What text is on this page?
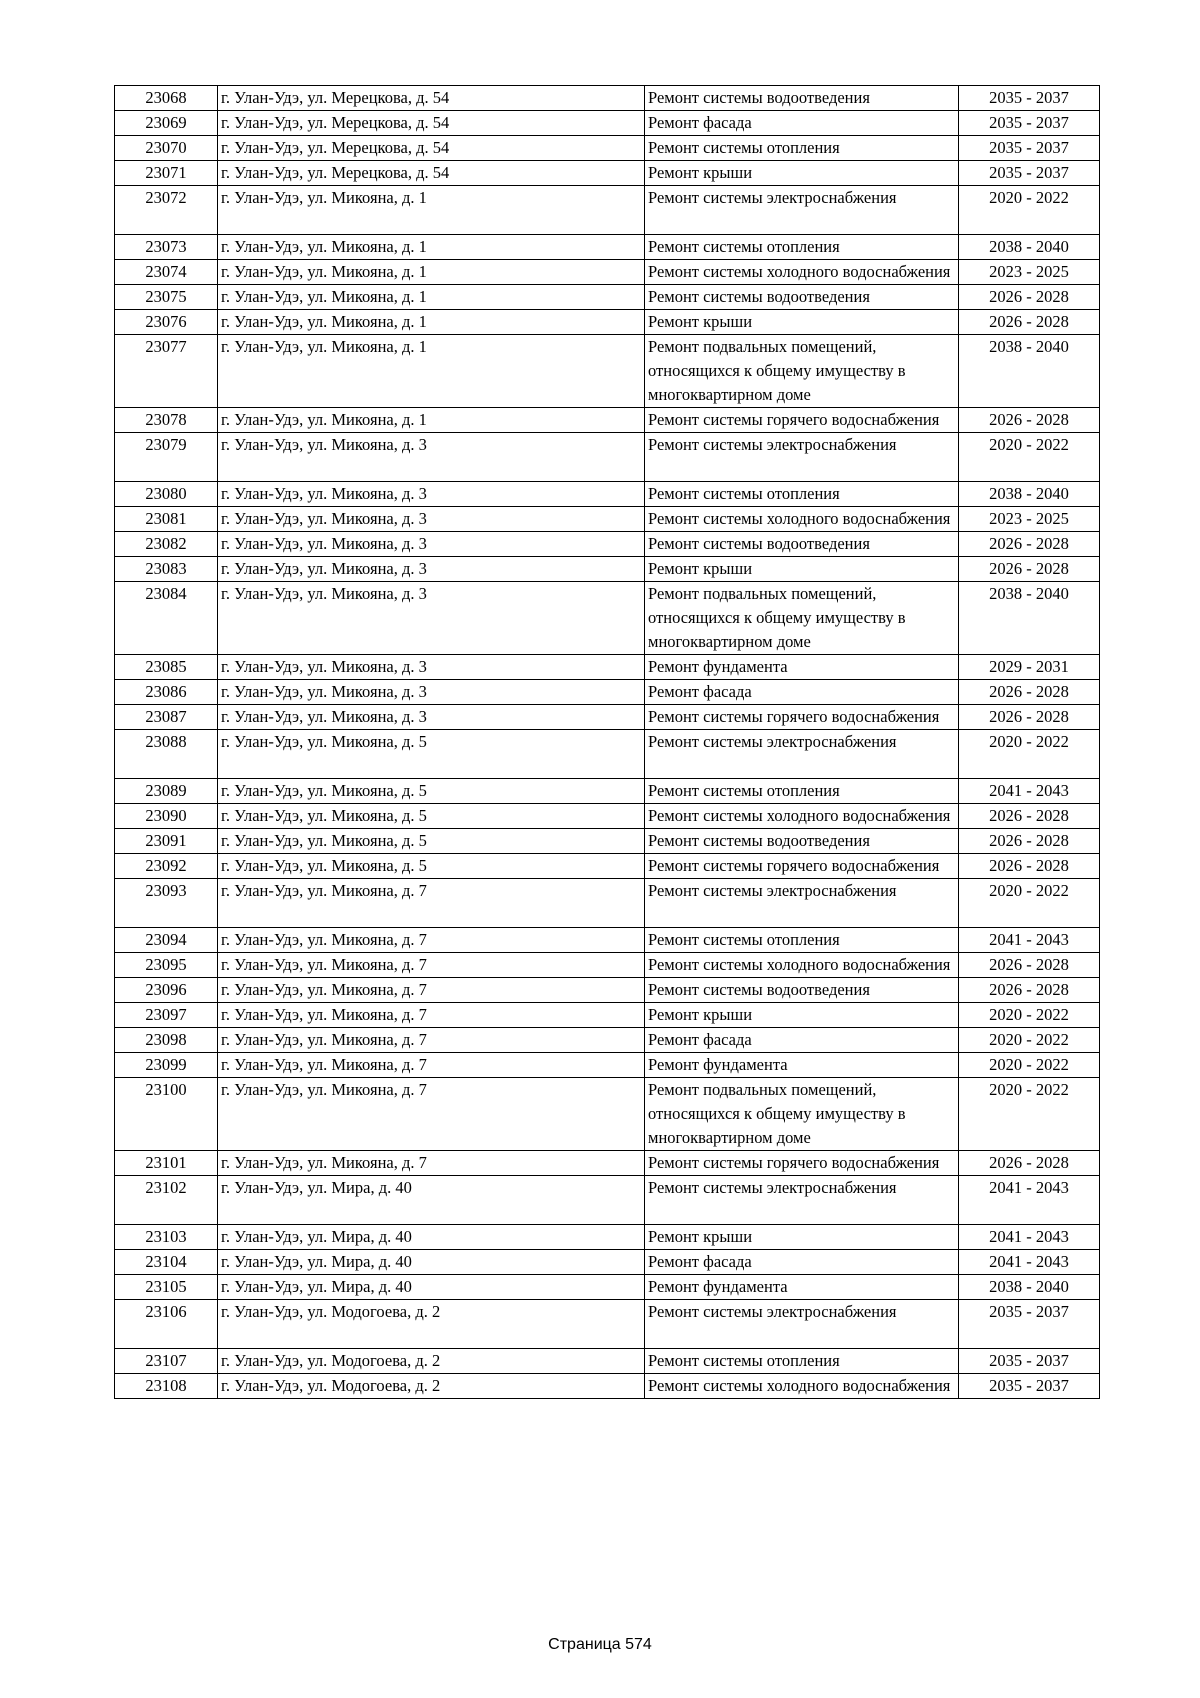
23068	г. Улан-Удэ, ул. Мерецкова, д. 54	Ремонт системы водоотведения	2035 - 2037
23069	г. Улан-Удэ, ул. Мерецкова, д. 54	Ремонт фасада	2035 - 2037
23070	г. Улан-Удэ, ул. Мерецкова, д. 54	Ремонт системы отопления	2035 - 2037
23071	г. Улан-Удэ, ул. Мерецкова, д. 54	Ремонт крыши	2035 - 2037
23072	г. Улан-Удэ, ул. Микояна, д. 1	Ремонт системы электроснабжения	2020 - 2022
23073	г. Улан-Удэ, ул. Микояна, д. 1	Ремонт системы отопления	2038 - 2040
23074	г. Улан-Удэ, ул. Микояна, д. 1	Ремонт системы холодного водоснабжения	2023 - 2025
23075	г. Улан-Удэ, ул. Микояна, д. 1	Ремонт системы водоотведения	2026 - 2028
23076	г. Улан-Удэ, ул. Микояна, д. 1	Ремонт крыши	2026 - 2028
23077	г. Улан-Удэ, ул. Микояна, д. 1	Ремонт подвальных помещений, относящихся к общему имуществу в многоквартирном доме	2038 - 2040
23078	г. Улан-Удэ, ул. Микояна, д. 1	Ремонт системы горячего водоснабжения	2026 - 2028
23079	г. Улан-Удэ, ул. Микояна, д. 3	Ремонт системы электроснабжения	2020 - 2022
23080	г. Улан-Удэ, ул. Микояна, д. 3	Ремонт системы отопления	2038 - 2040
23081	г. Улан-Удэ, ул. Микояна, д. 3	Ремонт системы холодного водоснабжения	2023 - 2025
23082	г. Улан-Удэ, ул. Микояна, д. 3	Ремонт системы водоотведения	2026 - 2028
23083	г. Улан-Удэ, ул. Микояна, д. 3	Ремонт крыши	2026 - 2028
23084	г. Улан-Удэ, ул. Микояна, д. 3	Ремонт подвальных помещений, относящихся к общему имуществу в многоквартирном доме	2038 - 2040
23085	г. Улан-Удэ, ул. Микояна, д. 3	Ремонт фундамента	2029 - 2031
23086	г. Улан-Удэ, ул. Микояна, д. 3	Ремонт фасада	2026 - 2028
23087	г. Улан-Удэ, ул. Микояна, д. 3	Ремонт системы горячего водоснабжения	2026 - 2028
23088	г. Улан-Удэ, ул. Микояна, д. 5	Ремонт системы электроснабжения	2020 - 2022
23089	г. Улан-Удэ, ул. Микояна, д. 5	Ремонт системы отопления	2041 - 2043
23090	г. Улан-Удэ, ул. Микояна, д. 5	Ремонт системы холодного водоснабжения	2026 - 2028
23091	г. Улан-Удэ, ул. Микояна, д. 5	Ремонт системы водоотведения	2026 - 2028
23092	г. Улан-Удэ, ул. Микояна, д. 5	Ремонт системы горячего водоснабжения	2026 - 2028
23093	г. Улан-Удэ, ул. Микояна, д. 7	Ремонт системы электроснабжения	2020 - 2022
23094	г. Улан-Удэ, ул. Микояна, д. 7	Ремонт системы отопления	2041 - 2043
23095	г. Улан-Удэ, ул. Микояна, д. 7	Ремонт системы холодного водоснабжения	2026 - 2028
23096	г. Улан-Удэ, ул. Микояна, д. 7	Ремонт системы водоотведения	2026 - 2028
23097	г. Улан-Удэ, ул. Микояна, д. 7	Ремонт крыши	2020 - 2022
23098	г. Улан-Удэ, ул. Микояна, д. 7	Ремонт фасада	2020 - 2022
23099	г. Улан-Удэ, ул. Микояна, д. 7	Ремонт фундамента	2020 - 2022
23100	г. Улан-Удэ, ул. Микояна, д. 7	Ремонт подвальных помещений, относящихся к общему имуществу в многоквартирном доме	2020 - 2022
23101	г. Улан-Удэ, ул. Микояна, д. 7	Ремонт системы горячего водоснабжения	2026 - 2028
23102	г. Улан-Удэ, ул. Мира, д. 40	Ремонт системы электроснабжения	2041 - 2043
23103	г. Улан-Удэ, ул. Мира, д. 40	Ремонт крыши	2041 - 2043
23104	г. Улан-Удэ, ул. Мира, д. 40	Ремонт фасада	2041 - 2043
23105	г. Улан-Удэ, ул. Мира, д. 40	Ремонт фундамента	2038 - 2040
23106	г. Улан-Удэ, ул. Модогоева, д. 2	Ремонт системы электроснабжения	2035 - 2037
23107	г. Улан-Удэ, ул. Модогоева, д. 2	Ремонт системы отопления	2035 - 2037
23108	г. Улан-Удэ, ул. Модогоева, д. 2	Ремонт системы холодного водоснабжения	2035 - 2037
Страница 574
